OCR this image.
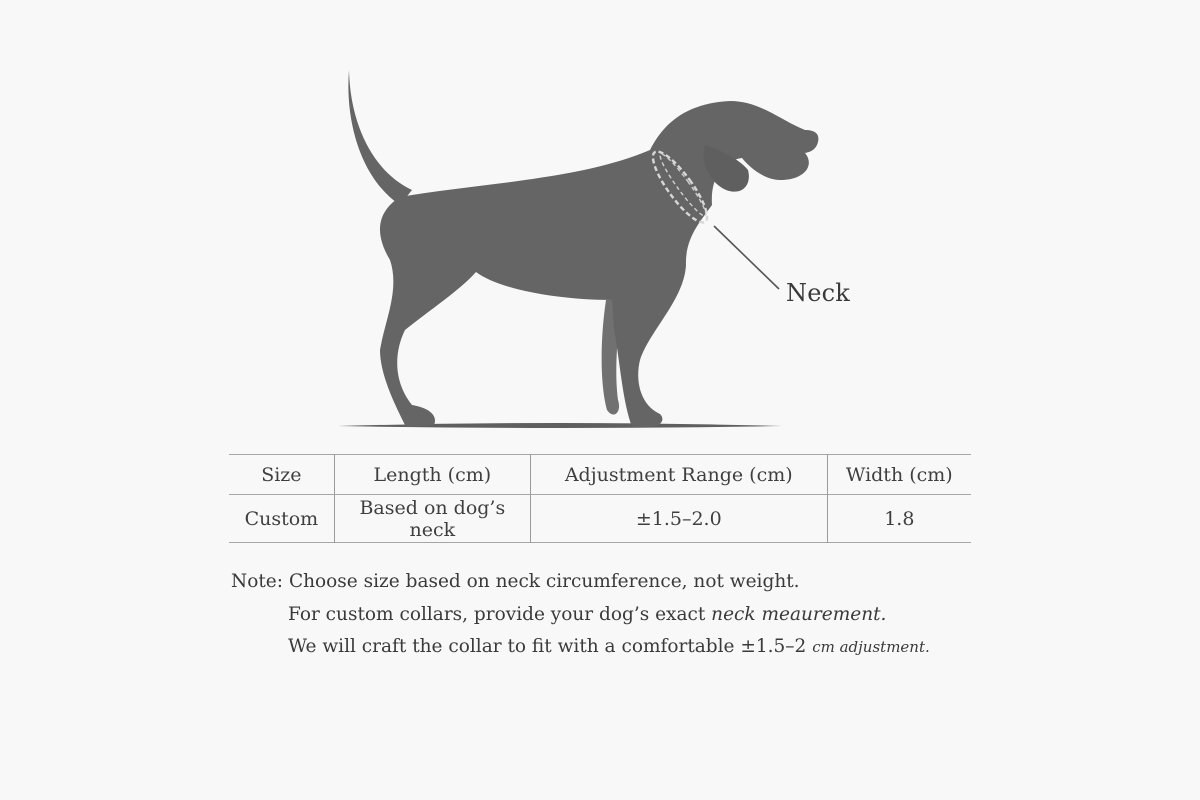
Neck
Size	Length (cm)	Adjustment Range (cm)	Width (cm)
Custom	Based on dog’s neck	±1.5–2.0	1.8
Note: Choose size based on neck circumference, not weight.
For custom collars, provide your dog’s exact neck meaurement.
We will craft the collar to fit with a comfortable ±1.5–2 cm adjustment.
